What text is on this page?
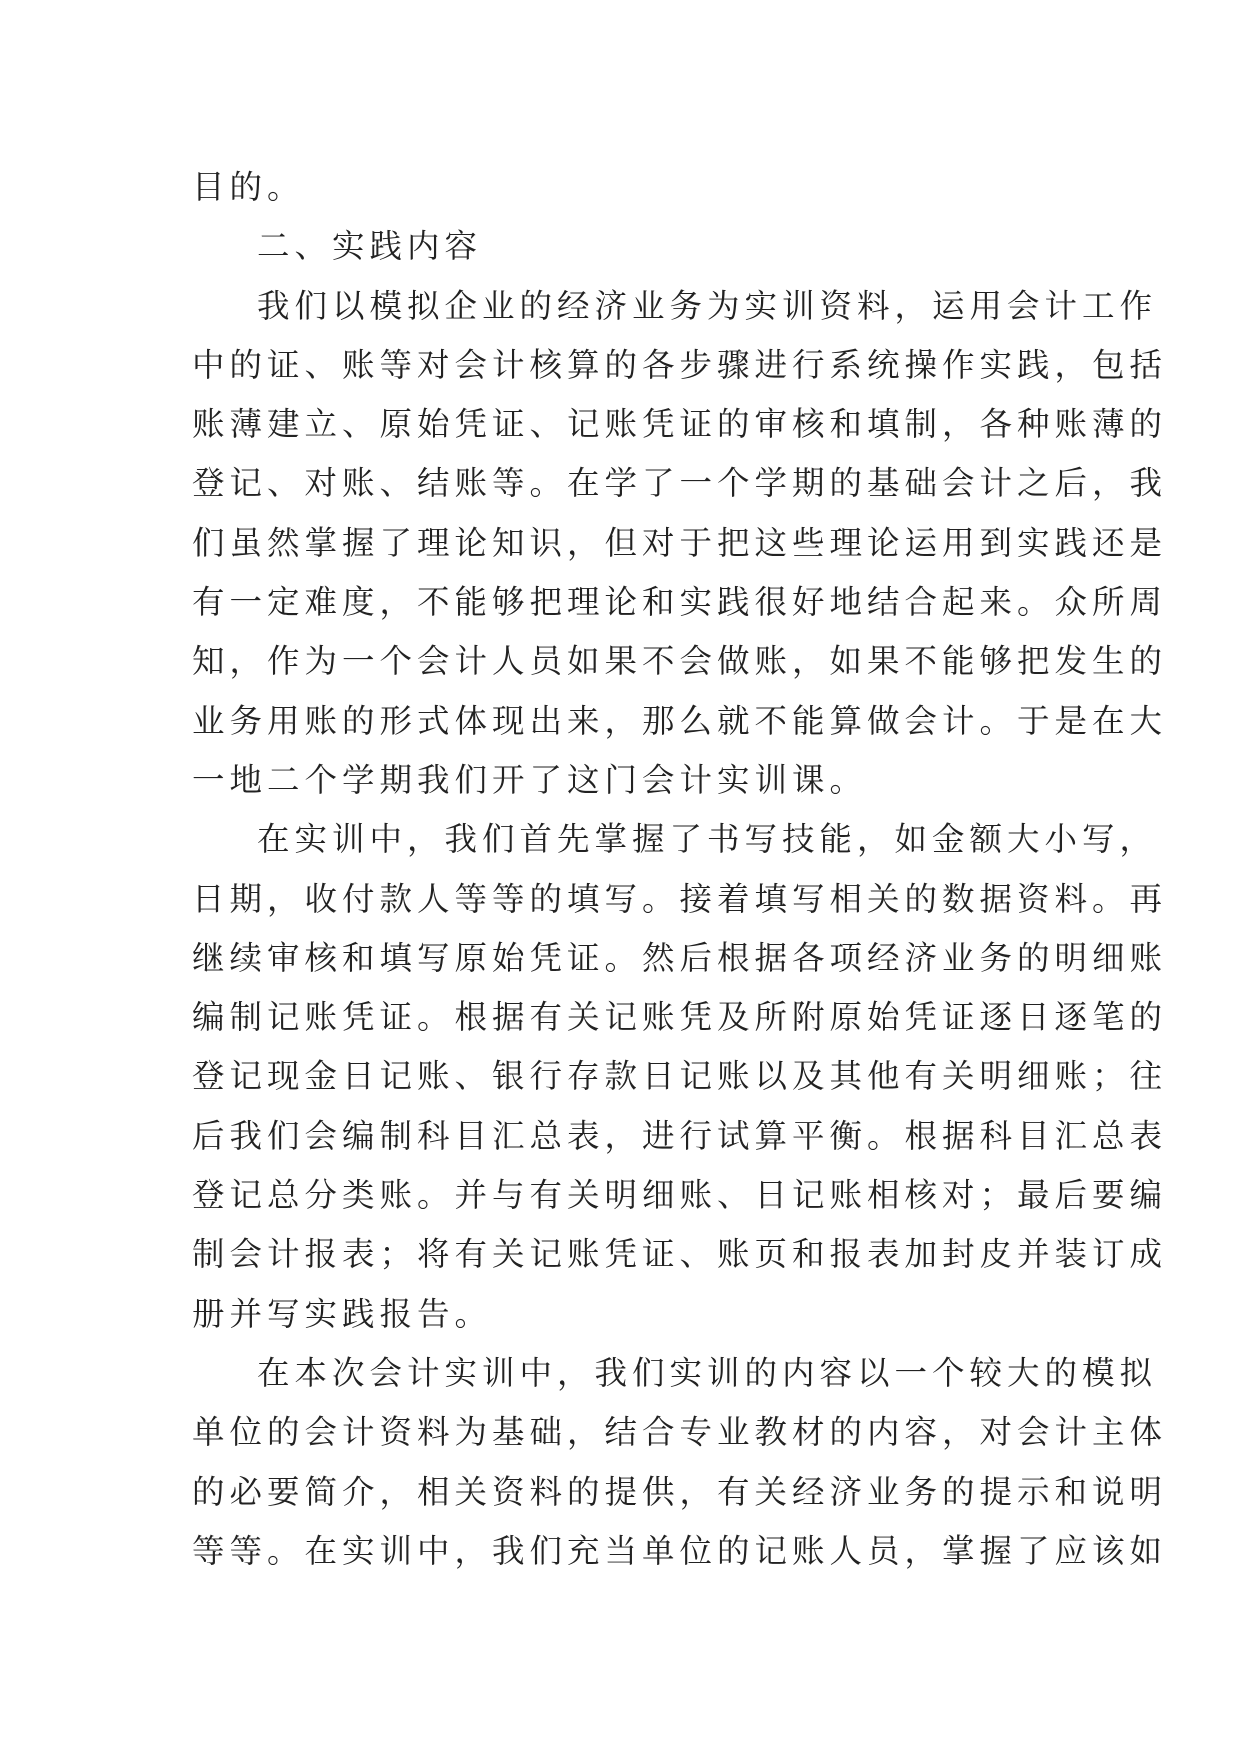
目的。
二、实践内容
我们以模拟企业的经济业务为实训资料，运用会计工作
中的证、账等对会计核算的各步骤进行系统操作实践，包括
账薄建立、原始凭证、记账凭证的审核和填制，各种账薄的
登记、对账、结账等。在学了一个学期的基础会计之后，我
们虽然掌握了理论知识，但对于把这些理论运用到实践还是
有一定难度，不能够把理论和实践很好地结合起来。众所周
知，作为一个会计人员如果不会做账，如果不能够把发生的
业务用账的形式体现出来，那么就不能算做会计。于是在大
一地二个学期我们开了这门会计实训课。
在实训中，我们首先掌握了书写技能，如金额大小写，
日期，收付款人等等的填写。接着填写相关的数据资料。再
继续审核和填写原始凭证。然后根据各项经济业务的明细账
编制记账凭证。根据有关记账凭及所附原始凭证逐日逐笔的
登记现金日记账、银行存款日记账以及其他有关明细账；往
后我们会编制科目汇总表，进行试算平衡。根据科目汇总表
登记总分类账。并与有关明细账、日记账相核对；最后要编
制会计报表；将有关记账凭证、账页和报表加封皮并装订成
册并写实践报告。
在本次会计实训中，我们实训的内容以一个较大的模拟
单位的会计资料为基础，结合专业教材的内容，对会计主体
的必要简介，相关资料的提供，有关经济业务的提示和说明
等等。在实训中，我们充当单位的记账人员，掌握了应该如
